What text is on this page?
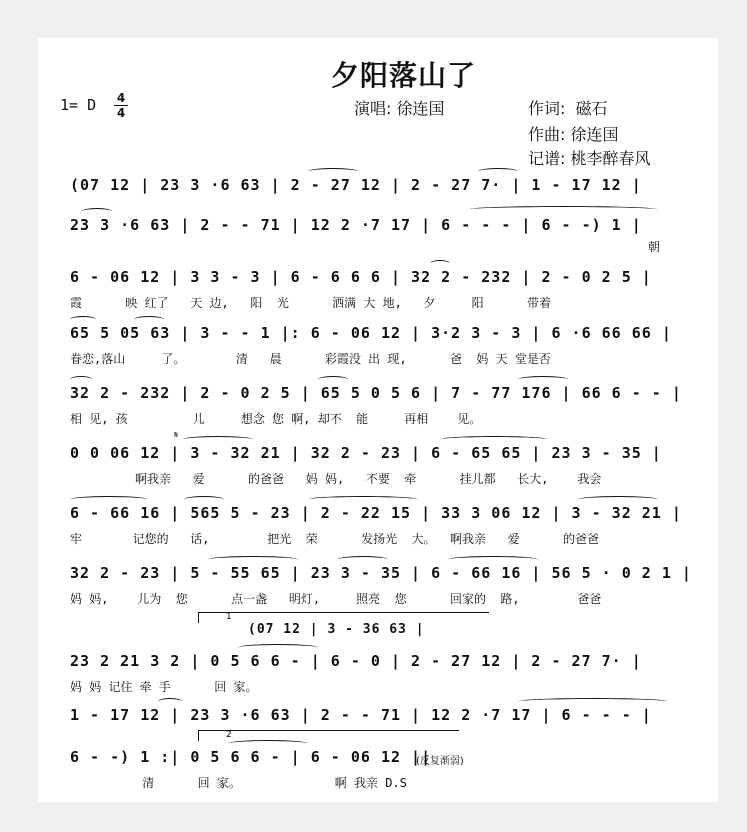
夕阳落山了
1= D 4
4	演唱: 徐连国	作词:  磁石
作曲: 徐连国
记谱: 桃李醉春风
(07 12 | 23 3 ·6 63 | 2 - 27 12 | 2 - 27 7· | 1 - 17 12 |
23 3 ·6 63 | 2 - - 71 | 12 2 ·7 17 | 6 - - - | 6 - -) 1 |
朝
6 - 06 12 | 3 3 - 3 | 6 - 6 6 6 | 32 2 - 232 | 2 - 0 2 5 |
霞      映 红了   天 边,   阳  光      洒满 大 地,   夕     阳      带着
65 5 05 63 | 3 - - 1 |: 6 - 06 12 | 3·2 3 - 3 | 6 ·6 66 66 |
眷恋,落山     了。       清   晨      彩霞没 出 现,      爸  妈 天 堂是否
32 2 - 232 | 2 - 0 2 5 | 65 5 0 5 6 | 7 - 77 176 | 66 6 - - |
相 见, 孩         儿     想念 您 啊, 却不  能     再相    见。
𝄋
0 0 06 12 | 3 - 32 21 | 32 2 - 23 | 6 - 65 65 | 23 3 - 35 |
啊我亲   爱      的爸爸   妈 妈,   不要  牵      挂儿都   长大,    我会
6 - 66 16 | 565 5 - 23 | 2 - 22 15 | 33 3 06 12 | 3 - 32 21 |
牢       记您的   话,        把光  荣      发扬光  大。  啊我亲   爱      的爸爸
32 2 - 23 | 5 - 55 65 | 23 3 - 35 | 6 - 66 16 | 56 5 · 0 2 1 |
妈 妈,    儿为  您      点一盏   明灯,     照亮  您      回家的  路,        爸爸
1
(07 12 | 3 - 36 63 |
23 2 21 3 2 | 0 5 6 6 - | 6 - 0 | 2 - 27 12 | 2 - 27 7· |
妈 妈 记住 牵 手      回 家。
1 - 17 12 | 23 3 ·6 63 | 2 - - 71 | 12 2 ·7 17 | 6 - - - |
2
6 - -) 1 :| 0 5 6 6 - | 6 - 06 12 ||
清      回 家。             啊 我亲 D.S
(反复渐弱)
